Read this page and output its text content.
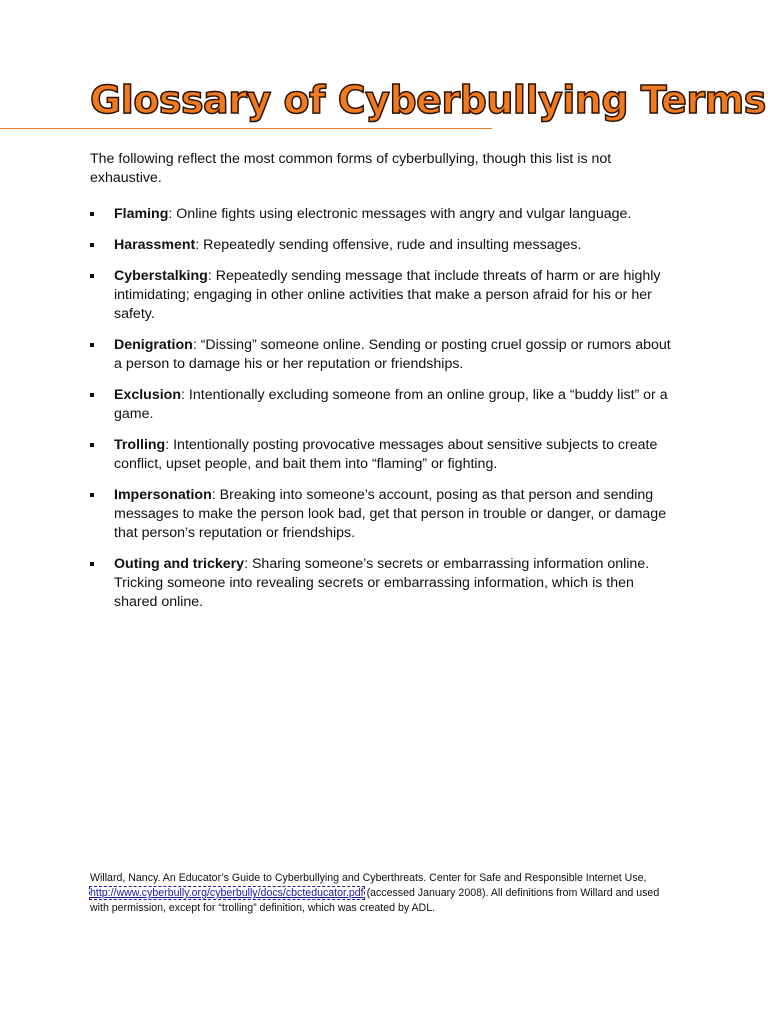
Glossary of Cyberbullying Terms

The following reflect the most common forms of cyberbullying, though this list is not exhaustive.

Flaming: Online fights using electronic messages with angry and vulgar language.
Harassment: Repeatedly sending offensive, rude and insulting messages.
Cyberstalking: Repeatedly sending message that include threats of harm or are highly intimidating; engaging in other online activities that make a person afraid for his or her safety.
Denigration: “Dissing” someone online. Sending or posting cruel gossip or rumors about a person to damage his or her reputation or friendships.
Exclusion: Intentionally excluding someone from an online group, like a “buddy list” or a game.
Trolling: Intentionally posting provocative messages about sensitive subjects to create conflict, upset people, and bait them into “flaming” or fighting.
Impersonation: Breaking into someone’s account, posing as that person and sending messages to make the person look bad, get that person in trouble or danger, or damage that person’s reputation or friendships.
Outing and trickery: Sharing someone’s secrets or embarrassing information online. Tricking someone into revealing secrets or embarrassing information, which is then shared online.

Willard, Nancy. An Educator’s Guide to Cyberbullying and Cyberthreats. Center for Safe and Responsible Internet Use, http://www.cyberbully.org/cyberbully/docs/cbcteducator.pdf (accessed January 2008). All definitions from Willard and used with permission, except for “trolling” definition, which was created by ADL.
